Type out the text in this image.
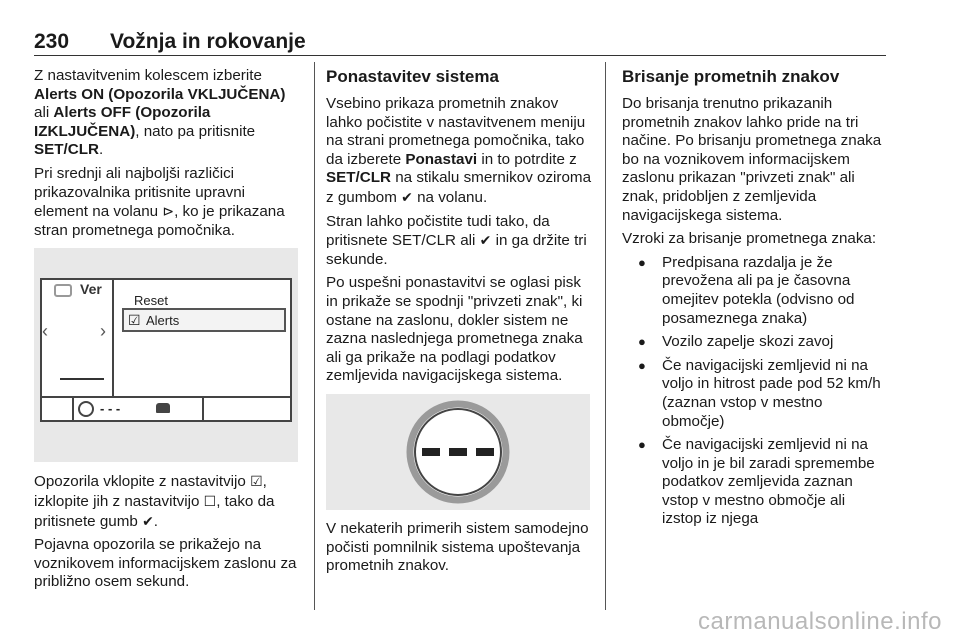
230 Vožnja in rokovanje

Z nastavitvenim kolescem izberite Alerts ON (Opozorila VKLJUČENA) ali Alerts OFF (Opozorila IZKLJUČENA), nato pa pritisnite SET/CLR.

Pri srednji ali najboljši različici prikazovalnika pritisnite upravni element na volanu ⊳, ko je prikazana stran prometnega pomočnika.

Ver
‹	›
Reset
☑ Alerts
- - -

Opozorila vklopite z nastavitvijo ☑, izklopite jih z nastavitvijo ☐, tako da pritisnete gumb ✔.

Pojavna opozorila se prikažejo na voznikovem informacijskem zaslonu za približno osem sekund.

Ponastavitev sistema

Vsebino prikaza prometnih znakov lahko počistite v nastavitvenem meniju na strani prometnega pomočnika, tako da izberete Ponastavi in to potrdite z SET/CLR na stikalu smernikov oziroma z gumbom ✔ na volanu.

Stran lahko počistite tudi tako, da pritisnete SET/CLR ali ✔ in ga držite tri sekunde.

Po uspešni ponastavitvi se oglasi pisk in prikaže se spodnji "privzeti znak", ki ostane na zaslonu, dokler sistem ne zazna naslednjega prometnega znaka ali ga prikaže na podlagi podatkov zemljevida navigacijskega sistema.

V nekaterih primerih sistem samodejno počisti pomnilnik sistema upoštevanja prometnih znakov.

Brisanje prometnih znakov

Do brisanja trenutno prikazanih prometnih znakov lahko pride na tri načine. Po brisanju prometnega znaka bo na voznikovem informacijskem zaslonu prikazan "privzeti znak" ali znak, pridobljen z zemljevida navigacijskega sistema.

Vzroki za brisanje prometnega znaka:

● Predpisana razdalja je že prevožena ali pa je časovna omejitev potekla (odvisno od posameznega znaka)
● Vozilo zapelje skozi zavoj
● Če navigacijski zemljevid ni na voljo in hitrost pade pod 52 km/h (zaznan vstop v mestno območje)
● Če navigacijski zemljevid ni na voljo in je bil zaradi spremembe podatkov zemljevida zaznan vstop v mestno območje ali izstop iz njega
carmanualsonline.info
